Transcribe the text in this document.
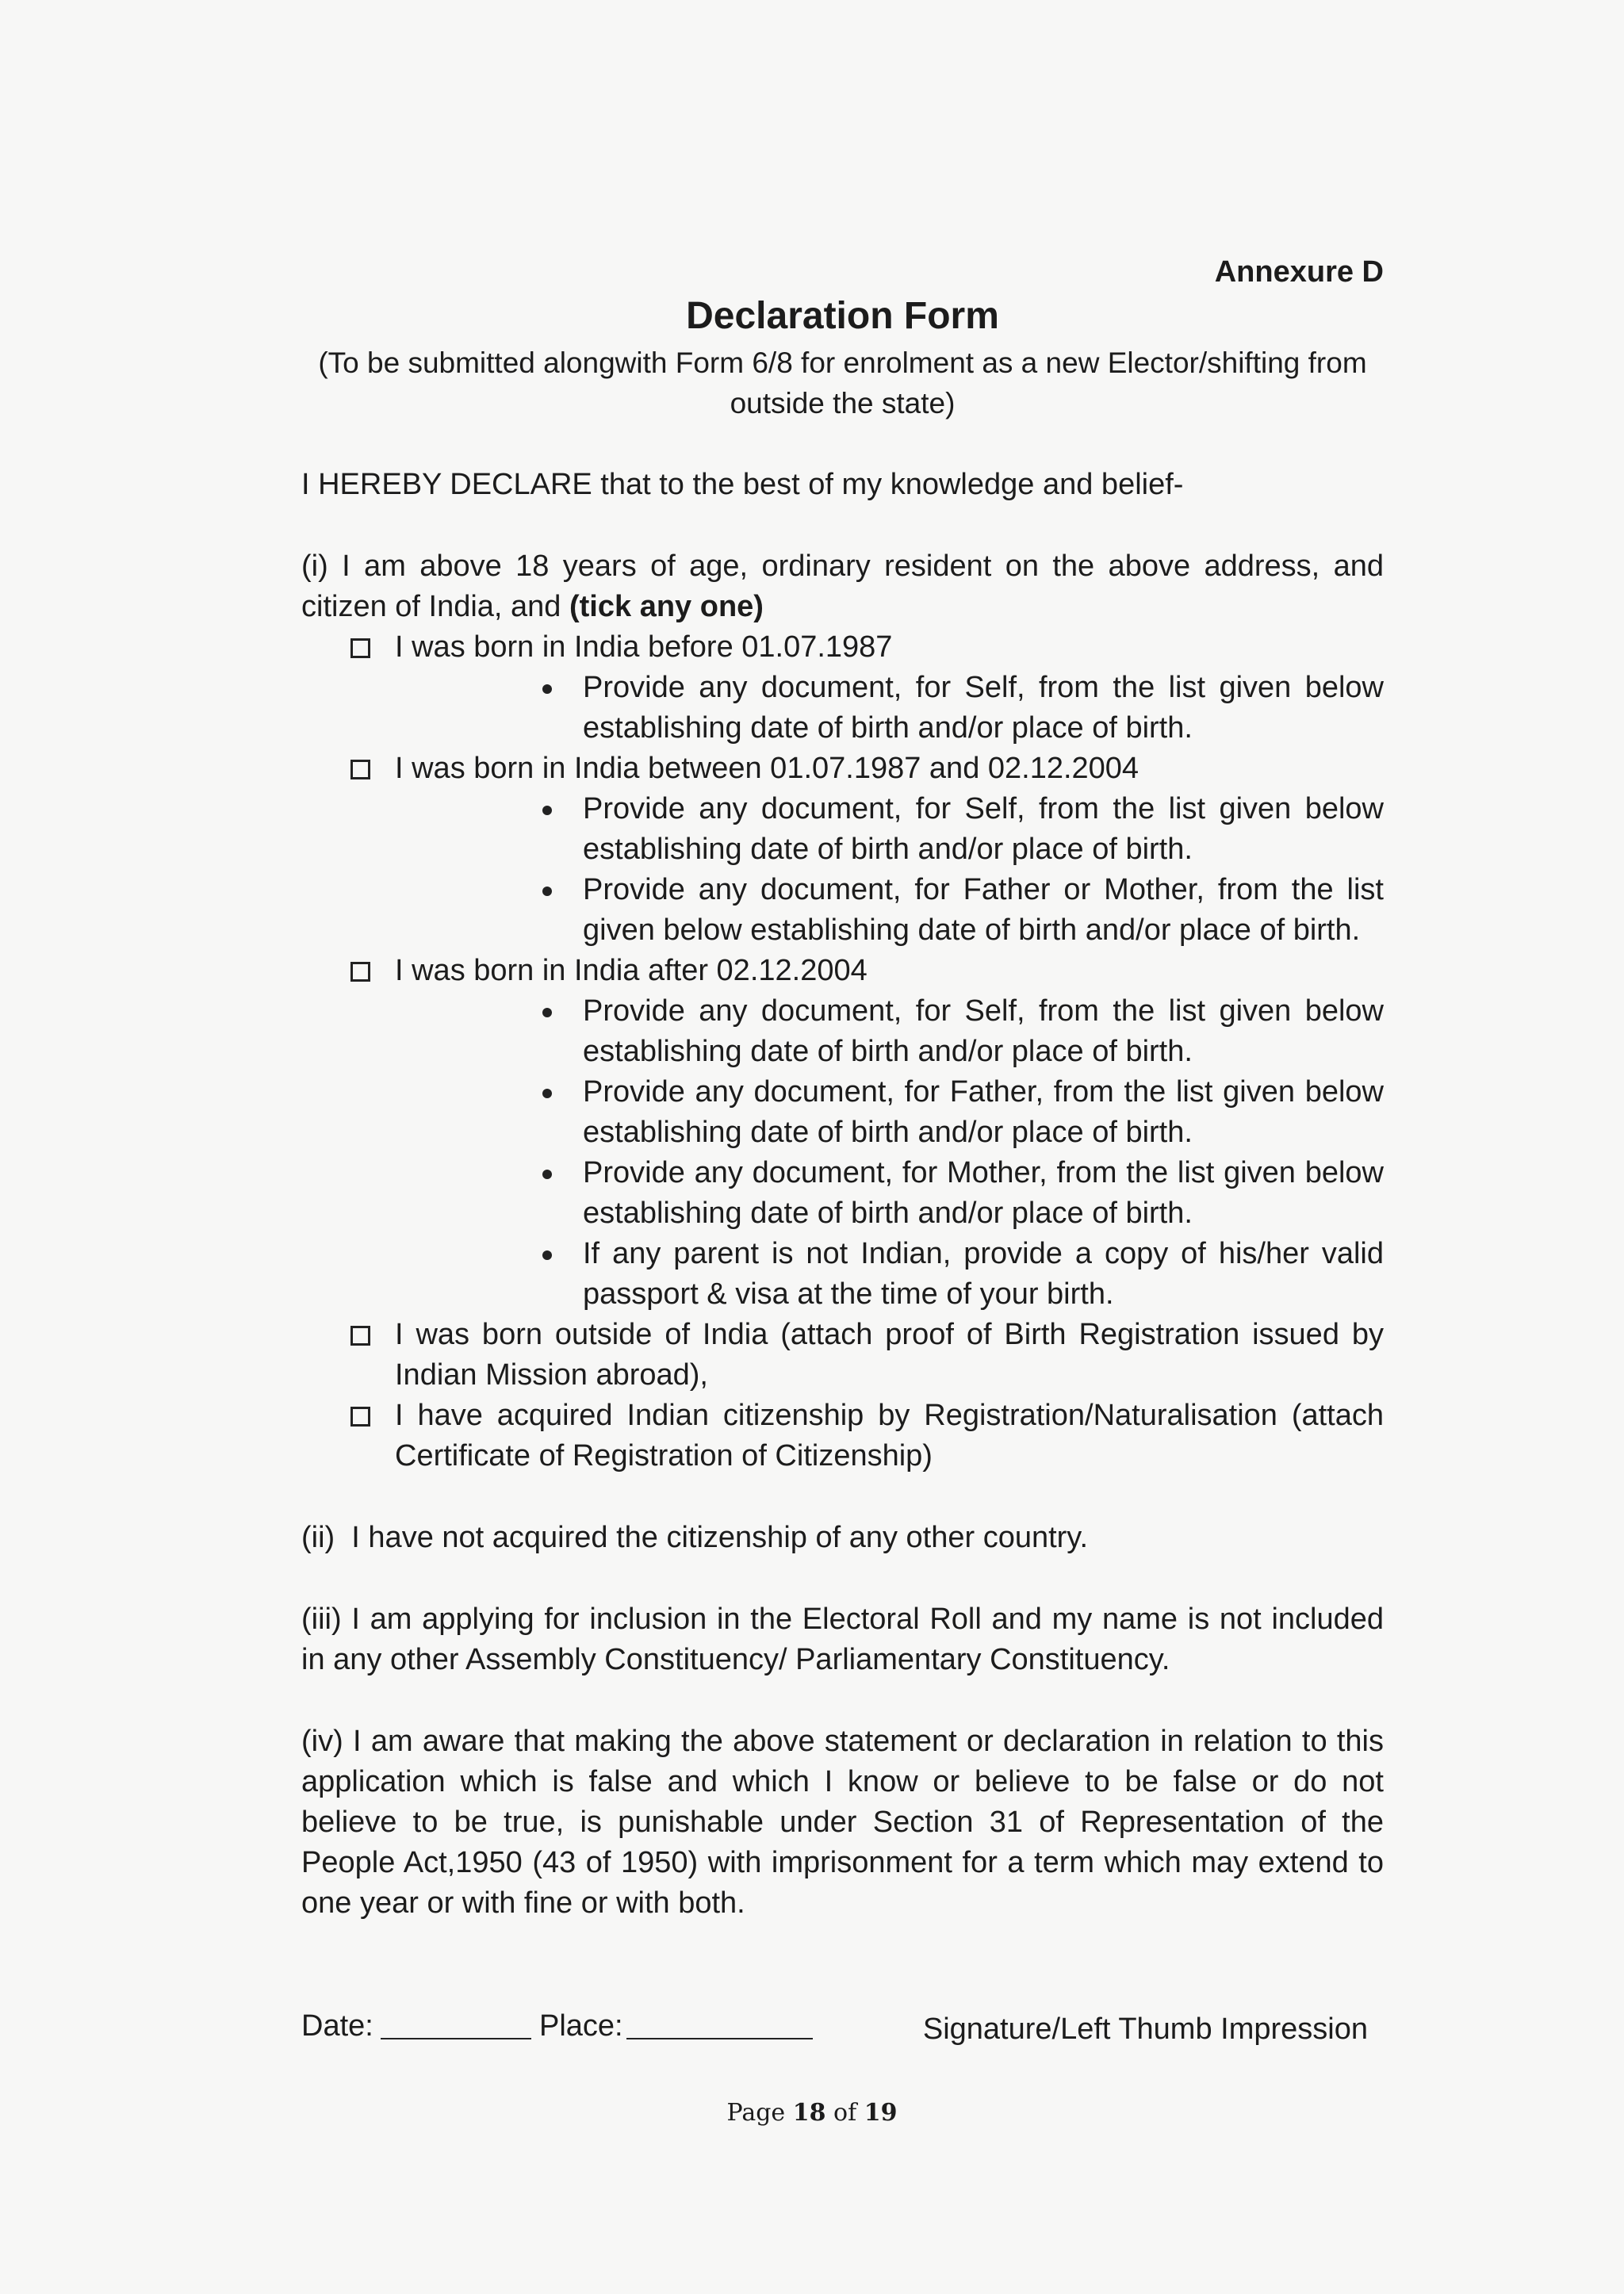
Annexure D

Declaration Form

(To be submitted alongwith Form 6/8 for enrolment as a new Elector/shifting from outside the state)

I HEREBY DECLARE that to the best of my knowledge and belief-

(i) I am above 18 years of age, ordinary resident on the above address, and citizen of India, and (tick any one)

I was born in India before 01.07.1987
Provide any document, for Self, from the list given below establishing date of birth and/or place of birth.
I was born in India between 01.07.1987 and 02.12.2004
Provide any document, for Self, from the list given below establishing date of birth and/or place of birth.
Provide any document, for Father or Mother, from the list given below establishing date of birth and/or place of birth.
I was born in India after 02.12.2004
Provide any document, for Self, from the list given below establishing date of birth and/or place of birth.
Provide any document, for Father, from the list given below establishing date of birth and/or place of birth.
Provide any document, for Mother, from the list given below establishing date of birth and/or place of birth.
If any parent is not Indian, provide a copy of his/her valid passport & visa at the time of your birth.
I was born outside of India (attach proof of Birth Registration issued by Indian Mission abroad),
I have acquired Indian citizenship by Registration/Naturalisation (attach Certificate of Registration of Citizenship)

(ii)  I have not acquired the citizenship of any other country.

(iii) I am applying for inclusion in the Electoral Roll and my name is not included in any other Assembly Constituency/ Parliamentary Constituency.

(iv) I am aware that making the above statement or declaration in relation to this application which is false and which I know or believe to be false or do not believe to be true, is punishable under Section 31 of Representation of the People Act,1950 (43 of 1950) with imprisonment for a term which may extend to one year or with fine or with both.

Date:	Place:	Signature/Left Thumb Impression
Page 18 of 19
